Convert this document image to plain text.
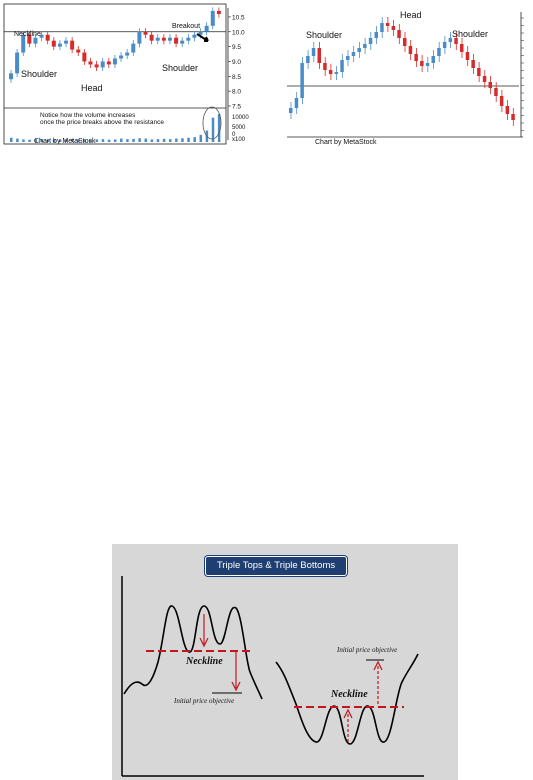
10.5
10.0
9.5
9.0
8.5
8.0
7.5
10000
5000
0
x100
Neckline
Breakout
Shoulder
Head
Shoulder
Notice how the volume increases
once the price breaks above the resistance
Chart by MetaStock
Shoulder
Head
Shoulder
Chart by MetaStock
Triple Tops & Triple Bottoms
Neckline
Initial price objective
Neckline
Initial price objective
